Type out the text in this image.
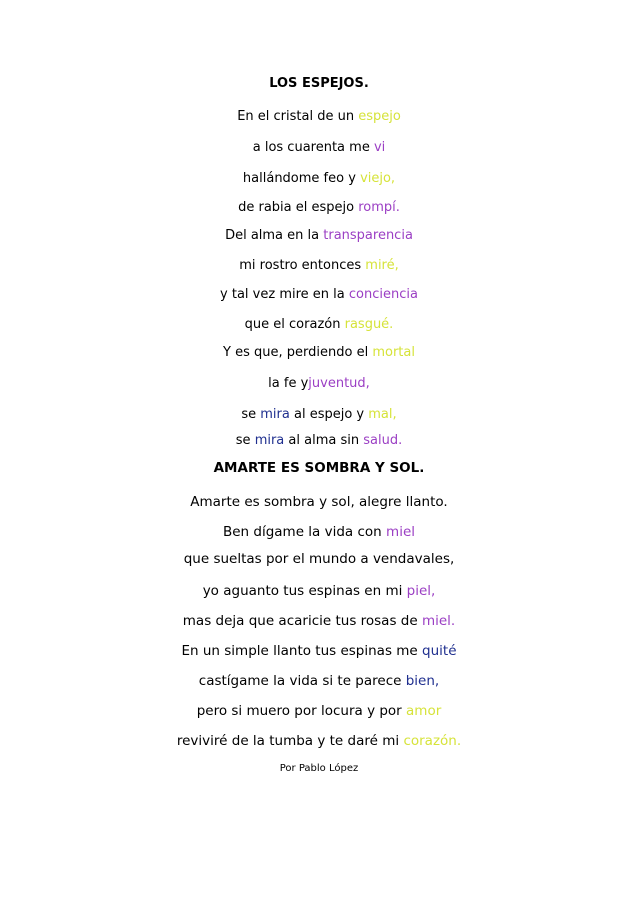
LOS ESPEJOS.
En el cristal de un espejo
a los cuarenta me vi
hallándome feo y viejo,
de rabia el espejo rompí.
Del alma en la transparencia
mi rostro entonces miré,
y tal vez mire en la conciencia
que el corazón rasgué.
Y es que, perdiendo el mortal
la fe yjuventud,
se mira al espejo y mal,
se mira al alma sin salud.
AMARTE ES SOMBRA Y SOL.
Amarte es sombra y sol, alegre llanto.
Ben dígame la vida con miel
que sueltas por el mundo a vendavales,
yo aguanto tus espinas en mi piel,
mas deja que acaricie tus rosas de miel.
En un simple llanto tus espinas me quité
castígame la vida si te parece bien,
pero si muero por locura y por amor
reviviré de la tumba y te daré mi corazón.
Por Pablo López
